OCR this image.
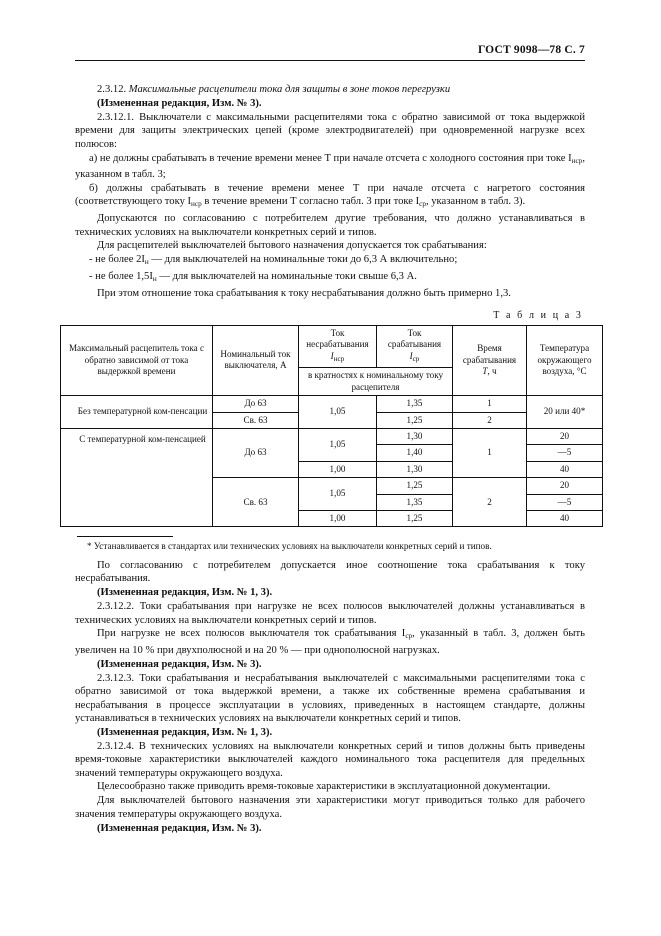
ГОСТ 9098—78 С. 7

2.3.12. Максимальные расцепители тока для защиты в зоне токов перегрузки

(Измененная редакция, Изм. № 3).

2.3.12.1. Выключатели с максимальными расцепителями тока с обратно зависимой от тока выдержкой времени для защиты электрических цепей (кроме электродвигателей) при одновременной нагрузке всех полюсов:

а) не должны срабатывать в течение времени менее T при начале отсчета с холодного состояния при токе $I_{нср}$, указанном в табл. 3;

б) должны срабатывать в течение времени менее T при начале отсчета с нагретого состояния (соответствующего току $I_{нср}$ в течение времени T согласно табл. 3 при токе $I_{ср}$, указанном в табл. 3).

Допускаются по согласованию с потребителем другие требования, что должно устанавливаться в технических условиях на выключатели конкретных серий и типов.

Для расцепителей выключателей бытового назначения допускается ток срабатывания:

- не более $2I_н$ — для выключателей на номинальные токи до 6,3 А включительно;

- не более $1,5I_н$ — для выключателей на номинальные токи свыше 6,3 А.

При этом отношение тока срабатывания к току несрабатывания должно быть примерно 1,3.

Т а б л и ц а 3
Максимальный расцепитель тока с обратно зависимой от тока выдержкой времени	Номинальный ток выключателя, А	Ток
несрабатывания
$I_{нср}$	Ток
срабатывания
$I_{ср}$	Время
срабатывания
T, ч	Температура
окружающего
воздуха, °С
		в кратностях к номинальному току расцепителя			
Без температурной ком-пенсации	До 63	1,05	1,35	1	20 или 40*
	Св. 63		1,25	2	
С температурной ком-пенсацией	До 63	1,05	1,30	1	20
			1,40		—5
		1,00	1,30		40
	Св. 63	1,05	1,25	2	20
			1,35		—5
		1,00	1,25		40

* Устанавливается в стандартах или технических условиях на выключатели конкретных серий и типов.

По согласованию с потребителем допускается иное соотношение тока срабатывания к току несрабатывания.

(Измененная редакция, Изм. № 1, 3).

2.3.12.2. Токи срабатывания при нагрузке не всех полюсов выключателей должны устанавливаться в технических условиях на выключатели конкретных серий и типов.

При нагрузке не всех полюсов выключателя ток срабатывания $I_{ср}$, указанный в табл. 3, должен быть увеличен на 10 % при двухполюсной и на 20 % — при однополюсной нагрузках.

(Измененная редакция, Изм. № 3).

2.3.12.3. Токи срабатывания и несрабатывания выключателей с максимальными расцепителями тока с обратно зависимой от тока выдержкой времени, а также их собственные времена срабатывания и несрабатывания в процессе эксплуатации в условиях, приведенных в настоящем стандарте, должны устанавливаться в технических условиях на выключатели конкретных серий и типов.

(Измененная редакция, Изм. № 1, 3).

2.3.12.4. В технических условиях на выключатели конкретных серий и типов должны быть приведены время-токовые характеристики выключателей каждого номинального тока расцепителя для предельных значений температуры окружающего воздуха.

Целесообразно также приводить время-токовые характеристики в эксплуатационной документации.

Для выключателей бытового назначения эти характеристики могут приводиться только для рабочего значения температуры окружающего воздуха.

(Измененная редакция, Изм. № 3).
